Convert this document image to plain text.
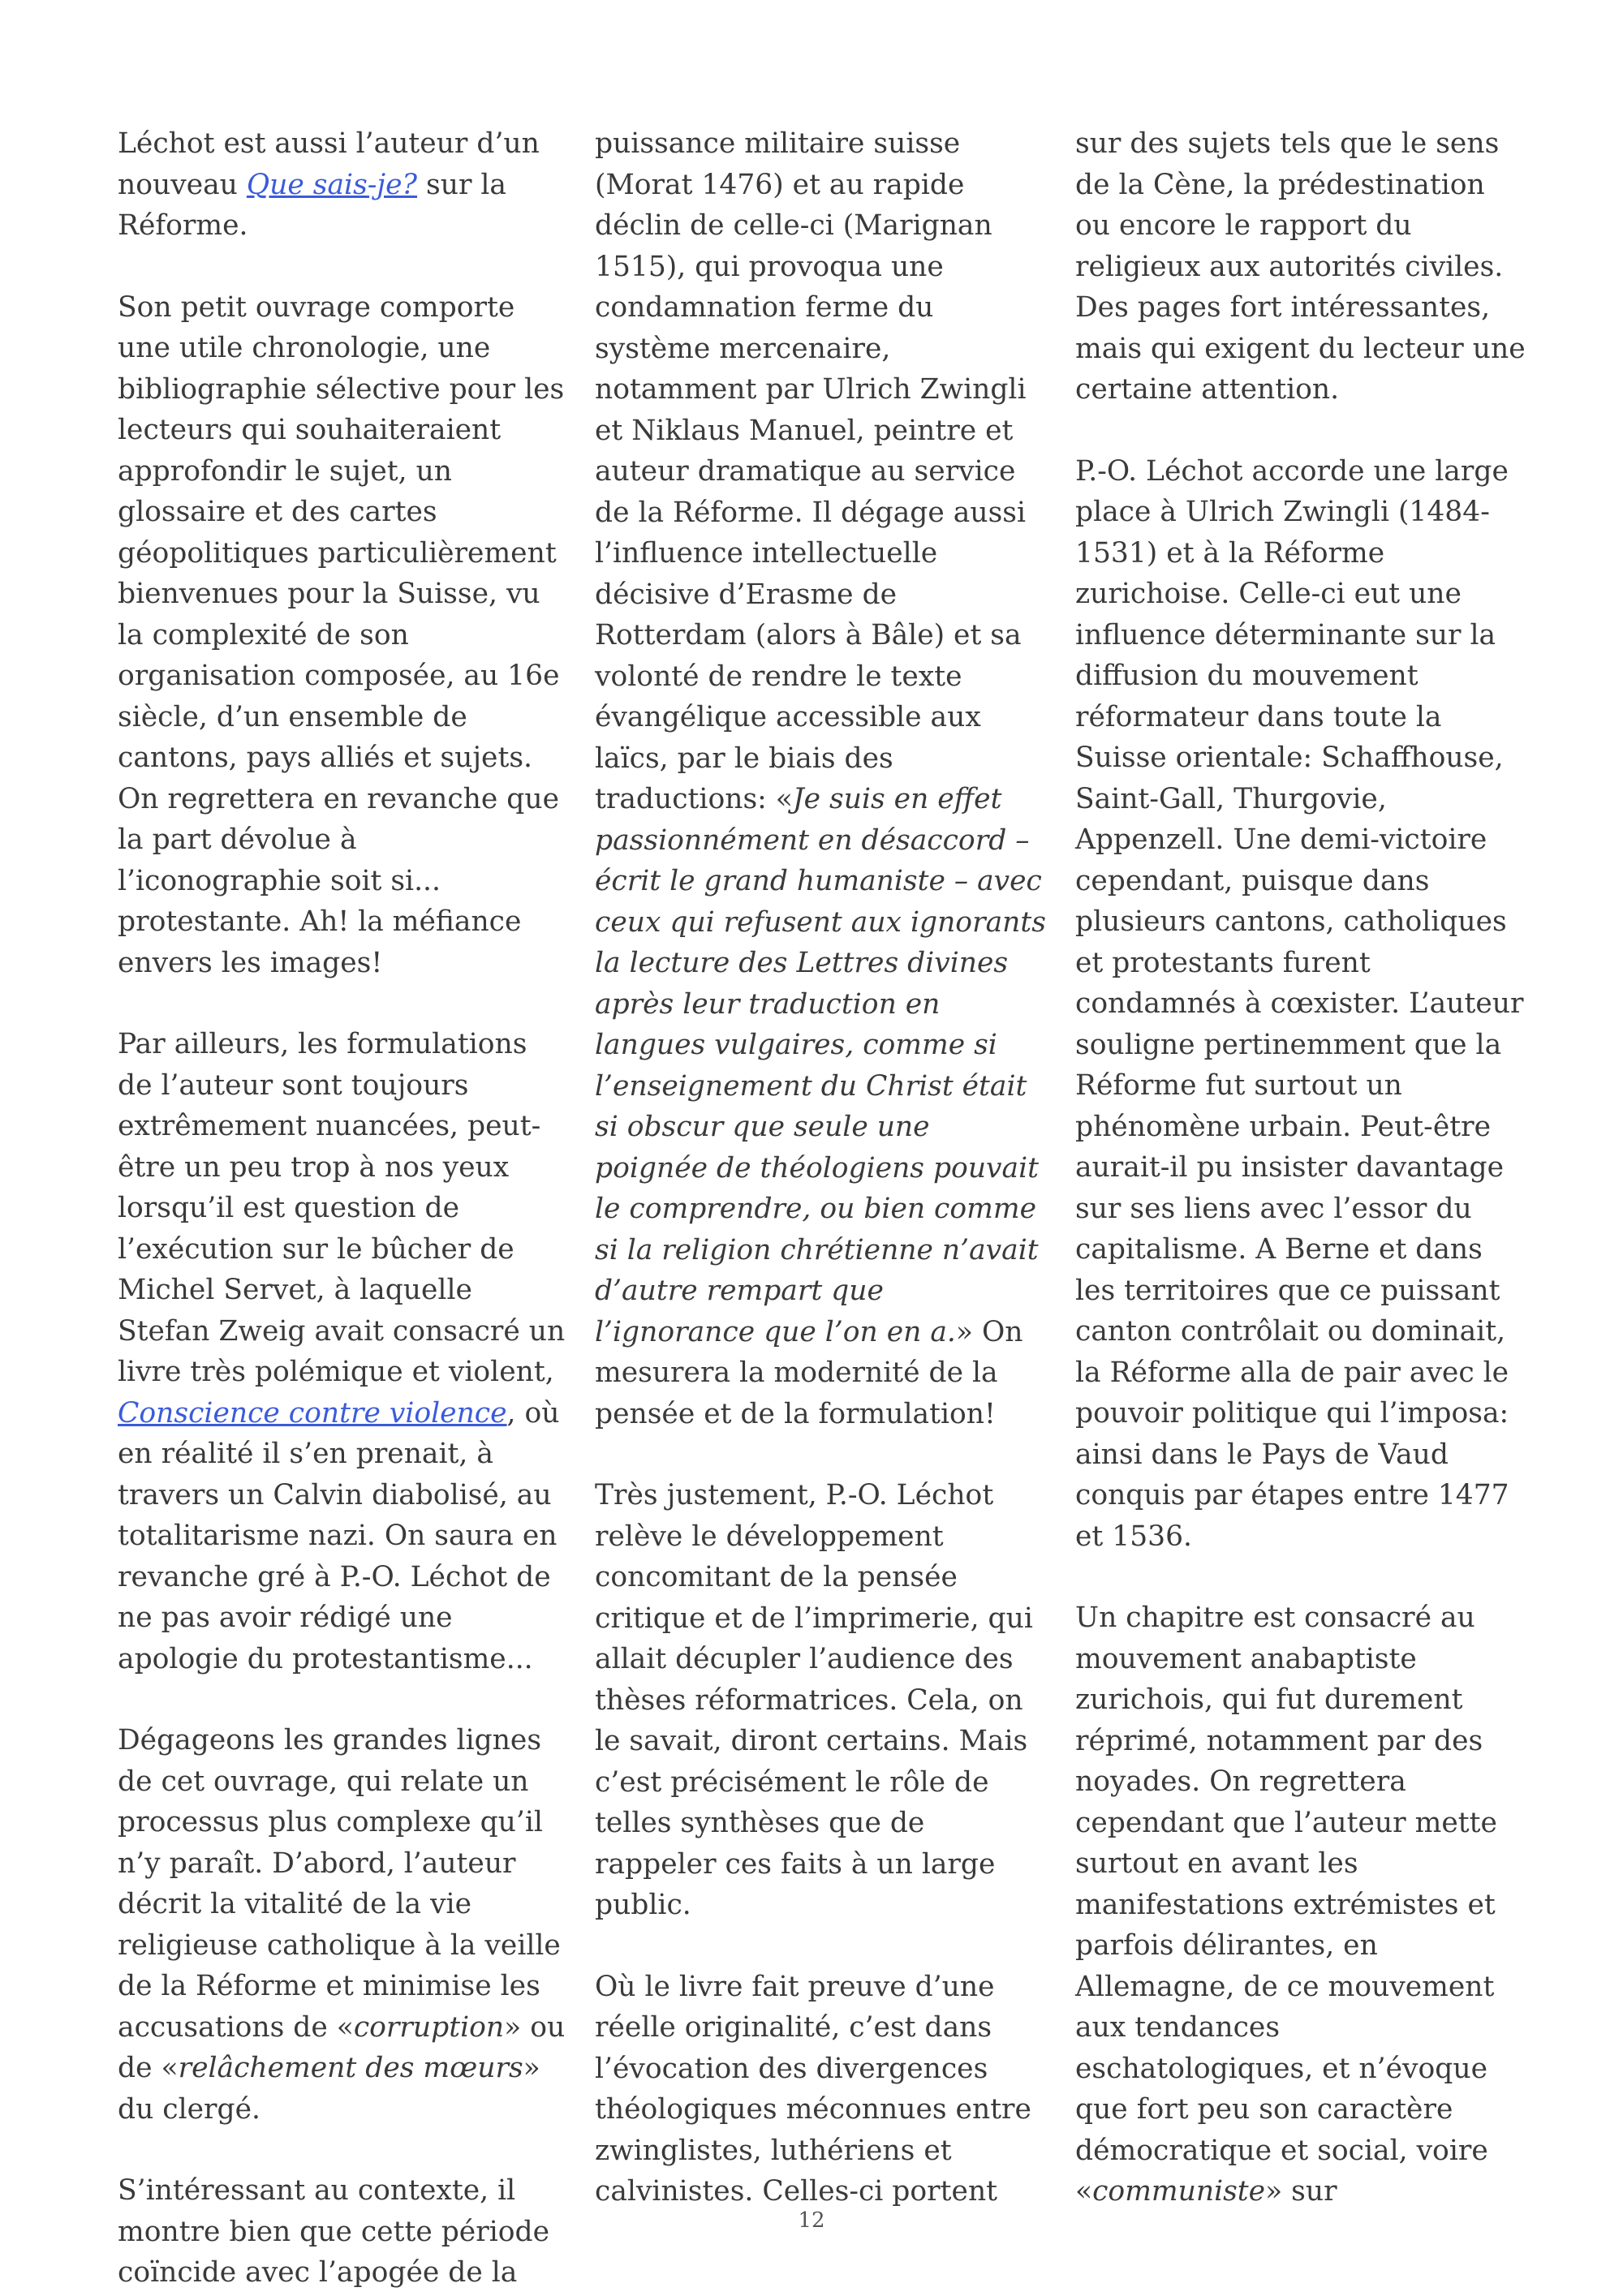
Léchot est aussi l’auteur d’un nouveau Que sais-je? sur la Réforme.

Son petit ouvrage comporte une utile chronologie, une bibliographie sélective pour les lecteurs qui souhaiteraient approfondir le sujet, un glossaire et des cartes géopolitiques particulièrement bienvenues pour la Suisse, vu la complexité de son organisation composée, au 16e siècle, d’un ensemble de cantons, pays alliés et sujets. On regrettera en revanche que la part dévolue à l’iconographie soit si... protestante. Ah! la méfiance envers les images!

Par ailleurs, les formulations de l’auteur sont toujours extrêmement nuancées, peut-être un peu trop à nos yeux lorsqu’il est question de l’exécution sur le bûcher de Michel Servet, à laquelle Stefan Zweig avait consacré un livre très polémique et violent, Conscience contre violence, où en réalité il s’en prenait, à travers un Calvin diabolisé, au totalitarisme nazi. On saura en revanche gré à P.-O. Léchot de ne pas avoir rédigé une apologie du protestantisme...

Dégageons les grandes lignes de cet ouvrage, qui relate un processus plus complexe qu’il n’y paraît. D’abord, l’auteur décrit la vitalité de la vie religieuse catholique à la veille de la Réforme et minimise les accusations de «corruption» ou de «relâchement des mœurs» du clergé.

S’intéressant au contexte, il montre bien que cette période coïncide avec l’apogée de la

puissance militaire suisse (Morat 1476) et au rapide déclin de celle-ci (Marignan 1515), qui provoqua une condamnation ferme du système mercenaire, notamment par Ulrich Zwingli et Niklaus Manuel, peintre et auteur dramatique au service de la Réforme. Il dégage aussi l’influence intellectuelle décisive d’Erasme de Rotterdam (alors à Bâle) et sa volonté de rendre le texte évangélique accessible aux laïcs, par le biais des traductions: «Je suis en effet passionnément en désaccord – écrit le grand humaniste – avec ceux qui refusent aux ignorants la lecture des Lettres divines après leur traduction en langues vulgaires, comme si l’enseignement du Christ était si obscur que seule une poignée de théologiens pouvait le comprendre, ou bien comme si la religion chrétienne n’avait d’autre rempart que l’ignorance que l’on en a.» On mesurera la modernité de la pensée et de la formulation!

Très justement, P.-O. Léchot relève le développement concomitant de la pensée critique et de l’imprimerie, qui allait décupler l’audience des thèses réformatrices. Cela, on le savait, diront certains. Mais c’est précisément le rôle de telles synthèses que de rappeler ces faits à un large public.

Où le livre fait preuve d’une réelle originalité, c’est dans l’évocation des divergences théologiques méconnues entre zwinglistes, luthériens et calvinistes. Celles-ci portent

sur des sujets tels que le sens de la Cène, la prédestination ou encore le rapport du religieux aux autorités civiles. Des pages fort intéressantes, mais qui exigent du lecteur une certaine attention.

P.-O. Léchot accorde une large place à Ulrich Zwingli (1484-1531) et à la Réforme zurichoise. Celle-ci eut une influence déterminante sur la diffusion du mouvement réformateur dans toute la Suisse orientale: Schaffhouse, Saint-Gall, Thurgovie, Appenzell. Une demi-victoire cependant, puisque dans plusieurs cantons, catholiques et protestants furent condamnés à cœxister. L’auteur souligne pertinemment que la Réforme fut surtout un phénomène urbain. Peut-être aurait-il pu insister davantage sur ses liens avec l’essor du capitalisme. A Berne et dans les territoires que ce puissant canton contrôlait ou dominait, la Réforme alla de pair avec le pouvoir politique qui l’imposa: ainsi dans le Pays de Vaud conquis par étapes entre 1477 et 1536.

Un chapitre est consacré au mouvement anabaptiste zurichois, qui fut durement réprimé, notamment par des noyades. On regrettera cependant que l’auteur mette surtout en avant les manifestations extrémistes et parfois délirantes, en Allemagne, de ce mouvement aux tendances eschatologiques, et n’évoque que fort peu son caractère démocratique et social, voire «communiste» sur

12
